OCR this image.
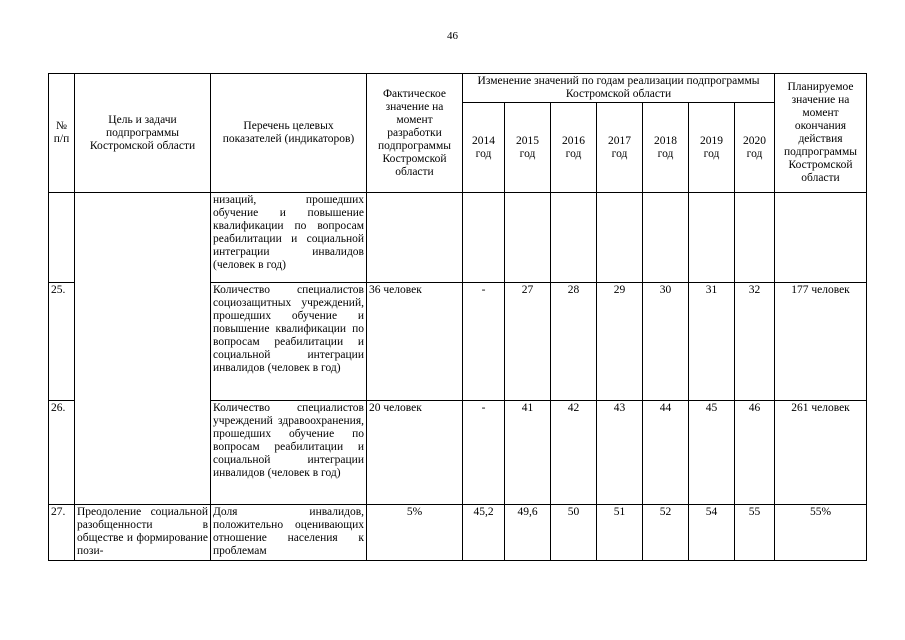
46
№ п/п	Цель и задачи подпрограммы Костромской области	Перечень целевых показателей (индикаторов)	Фактическое значение на момент разработки подпрограммы Костромской области	Изменение значений по годам реализации подпрограммы Костромской области							Планируемое значение на момент окончания действия подпрограммы Костромской области
				2014 год	2015 год	2016 год	2017 год	2018 год	2019 год	2020 год	
		низаций, прошедших обучение и повышение квалификации по вопросам реабилитации и социальной интеграции инвалидов (человек в год)									
25.		Количество специалистов социозащитных учреждений, прошедших обучение и повышение квалификации по вопросам реабилитации и социальной интеграции инвалидов (человек в год)	36 человек	-	27	28	29	30	31	32	177 человек
26.		Количество специалистов учреждений здравоохранения, прошедших обучение по вопросам реабилитации и социальной интеграции инвалидов (человек в год)	20 человек	-	41	42	43	44	45	46	261 человек
27.	Преодоление социальной разобщенности в обществе и формирование пози-	Доля инвалидов, положительно оценивающих отношение населения к проблемам	5%	45,2	49,6	50	51	52	54	55	55%
